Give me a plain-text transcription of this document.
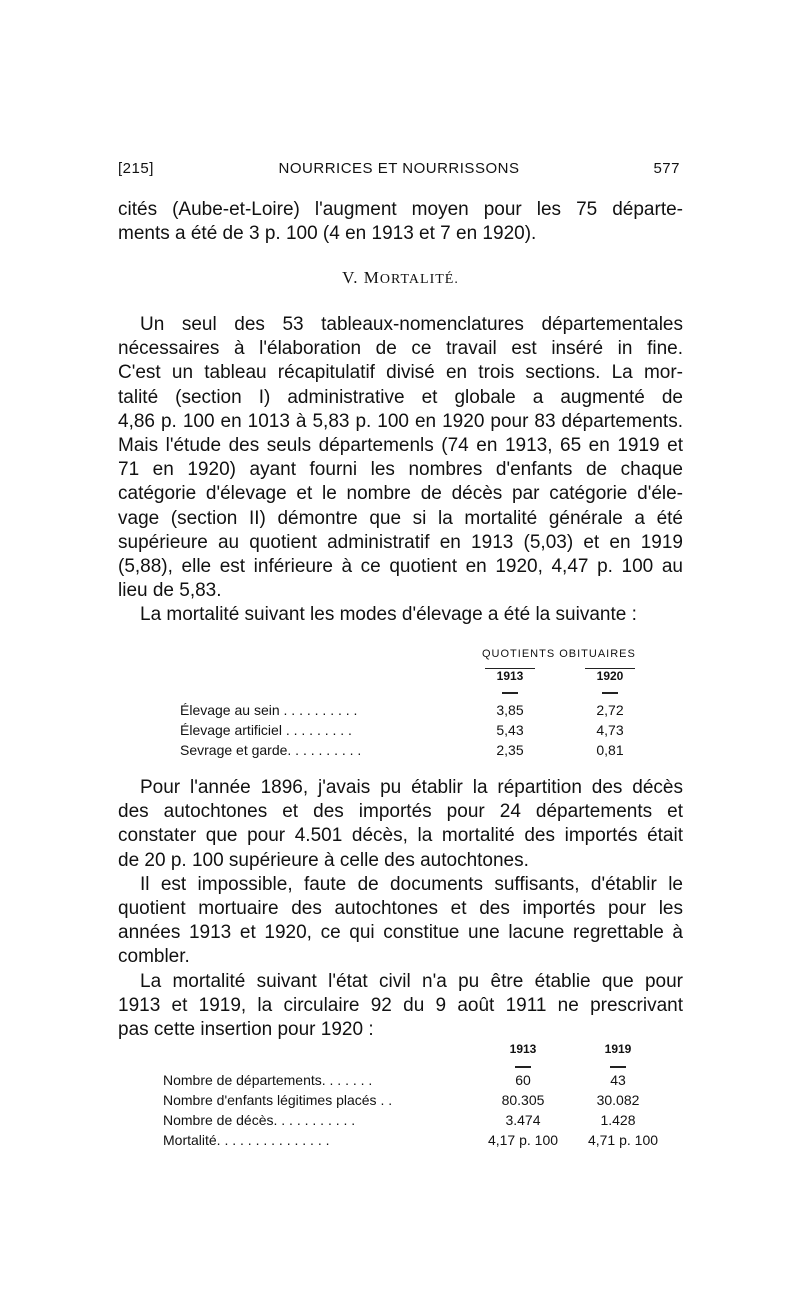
[215]	NOURRICES ET NOURRISSONS	577

cités (Aube-et-Loire) l'augment moyen pour les 75 départe-
ments a été de 3 p. 100 (4 en 1913 et 7 en 1920).

V. MORTALITÉ.

Un seul des 53 tableaux-nomenclatures départementales
nécessaires à l'élaboration de ce travail est inséré in fine.
C'est un tableau récapitulatif divisé en trois sections. La mor-
talité (section I) administrative et globale a augmenté de
4,86 p. 100 en 1013 à 5,83 p. 100 en 1920 pour 83 départements.
Mais l'étude des seuls départemenls (74 en 1913, 65 en 1919 et
71 en 1920) ayant fourni les nombres d'enfants de chaque
catégorie d'élevage et le nombre de décès par catégorie d'éle-
vage (section II) démontre que si la mortalité générale a été
supérieure au quotient administratif en 1913 (5,03) et en 1919
(5,88), elle est inférieure à ce quotient en 1920, 4,47 p. 100 au
lieu de 5,83.
La mortalité suivant les modes d'élevage a été la suivante :

QUOTIENTS OBITUAIRES
1913	1920
Élevage au sein . . . . . . . . . .	3,85	2,72
Élevage artificiel . . . . . . . . .	5,43	4,73
Sevrage et garde. . . . . . . . . .	2,35	0,81

Pour l'année 1896, j'avais pu établir la répartition des décès
des autochtones et des importés pour 24 départements et
constater que pour 4.501 décès, la mortalité des importés était
de 20 p. 100 supérieure à celle des autochtones.
Il est impossible, faute de documents suffisants, d'établir le
quotient mortuaire des autochtones et des importés pour les
années 1913 et 1920, ce qui constitue une lacune regrettable à
combler.
La mortalité suivant l'état civil n'a pu être établie que pour
1913 et 1919, la circulaire 92 du 9 août 1911 ne prescrivant
pas cette insertion pour 1920 :

1913	1919
Nombre de départements. . . . . . .	60	43
Nombre d'enfants légitimes placés . .	80.305	30.082
Nombre de décès. . . . . . . . . . .	3.474	1.428
Mortalité. . . . . . . . . . . . . . .	4,17 p. 100	4,71 p. 100
